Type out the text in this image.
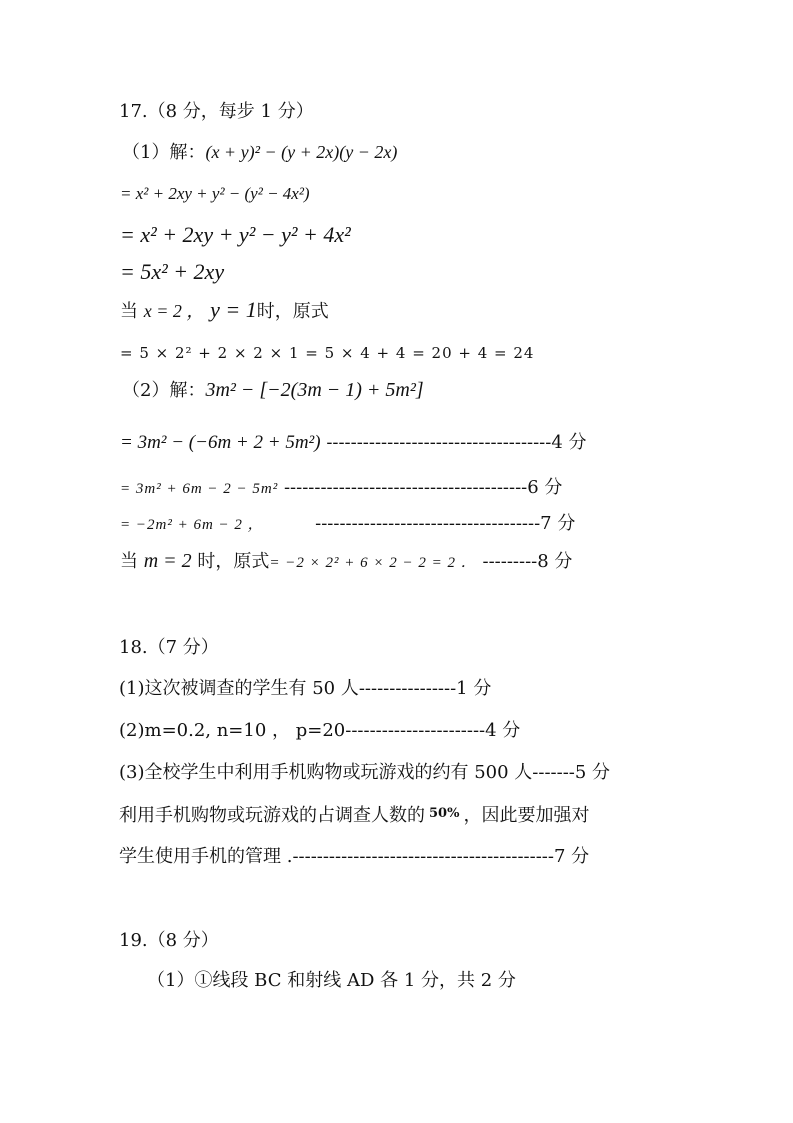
17.（8 分，每步 1 分）
（1）解：(x + y)² − (y + 2x)(y − 2x)
= x² + 2xy + y² − (y² − 4x²)
= x² + 2xy + y² − y² + 4x²
= 5x² + 2xy
当 x = 2 ， y = 1时，原式
= 5 × 2² + 2 × 2 × 1 = 5 × 4 + 4 = 20 + 4 = 24
（2）解：3m² − [−2(3m − 1) + 5m²]
= 3m² − (−6m + 2 + 5m²) -------------------------------------4 分
= 3m² + 6m − 2 − 5m² ----------------------------------------6 分
= −2m² + 6m − 2 ，	-------------------------------------7 分
当 m = 2 时，原式= −2 × 2² + 6 × 2 − 2 = 2 ． ---------8 分
18.（7 分）
(1)这次被调查的学生有 50 人----------------1 分
(2)m=0.2, n=10 ， p=20-----------------------4 分
(3)全校学生中利用手机购物或玩游戏的约有 500 人-------5 分
利用手机购物或玩游戏的占调查人数的 $^{50\%}$ ，因此要加强对
学生使用手机的管理 .-------------------------------------------7 分
19.（8 分）
（1）①线段 BC 和射线 AD 各 1 分，共 2 分
